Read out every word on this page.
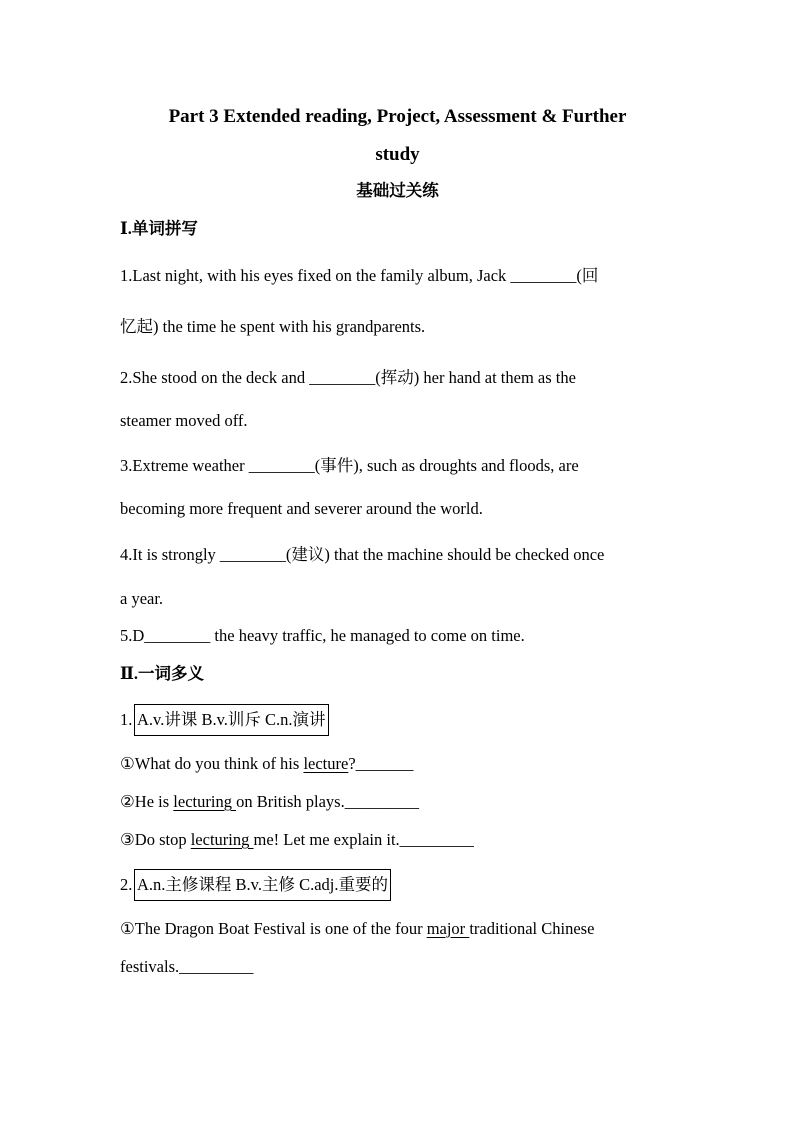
Part 3 Extended reading, Project, Assessment & Further
study
基础过关练
Ⅰ.单词拼写
1.Last night, with his eyes fixed on the family album, Jack ________(回
忆起) the time he spent with his grandparents.
2.She stood on the deck and ________(挥动) her hand at them as the
steamer moved off.
3.Extreme weather ________(事件), such as droughts and floods, are
becoming more frequent and severer around the world.
4.It is strongly ________(建议) that the machine should be checked once
a year.
5.D________ the heavy traffic, he managed to come on time.
Ⅱ.一词多义
1. A.v.讲课 B.v.训斥 C.n.演讲
①What do you think of his lecture?_______
②He is lecturing on British plays._________
③Do stop lecturing me! Let me explain it._________
2. A.n.主修课程 B.v.主修 C.adj.重要的
①The Dragon Boat Festival is one of the four major traditional Chinese
festivals._________
